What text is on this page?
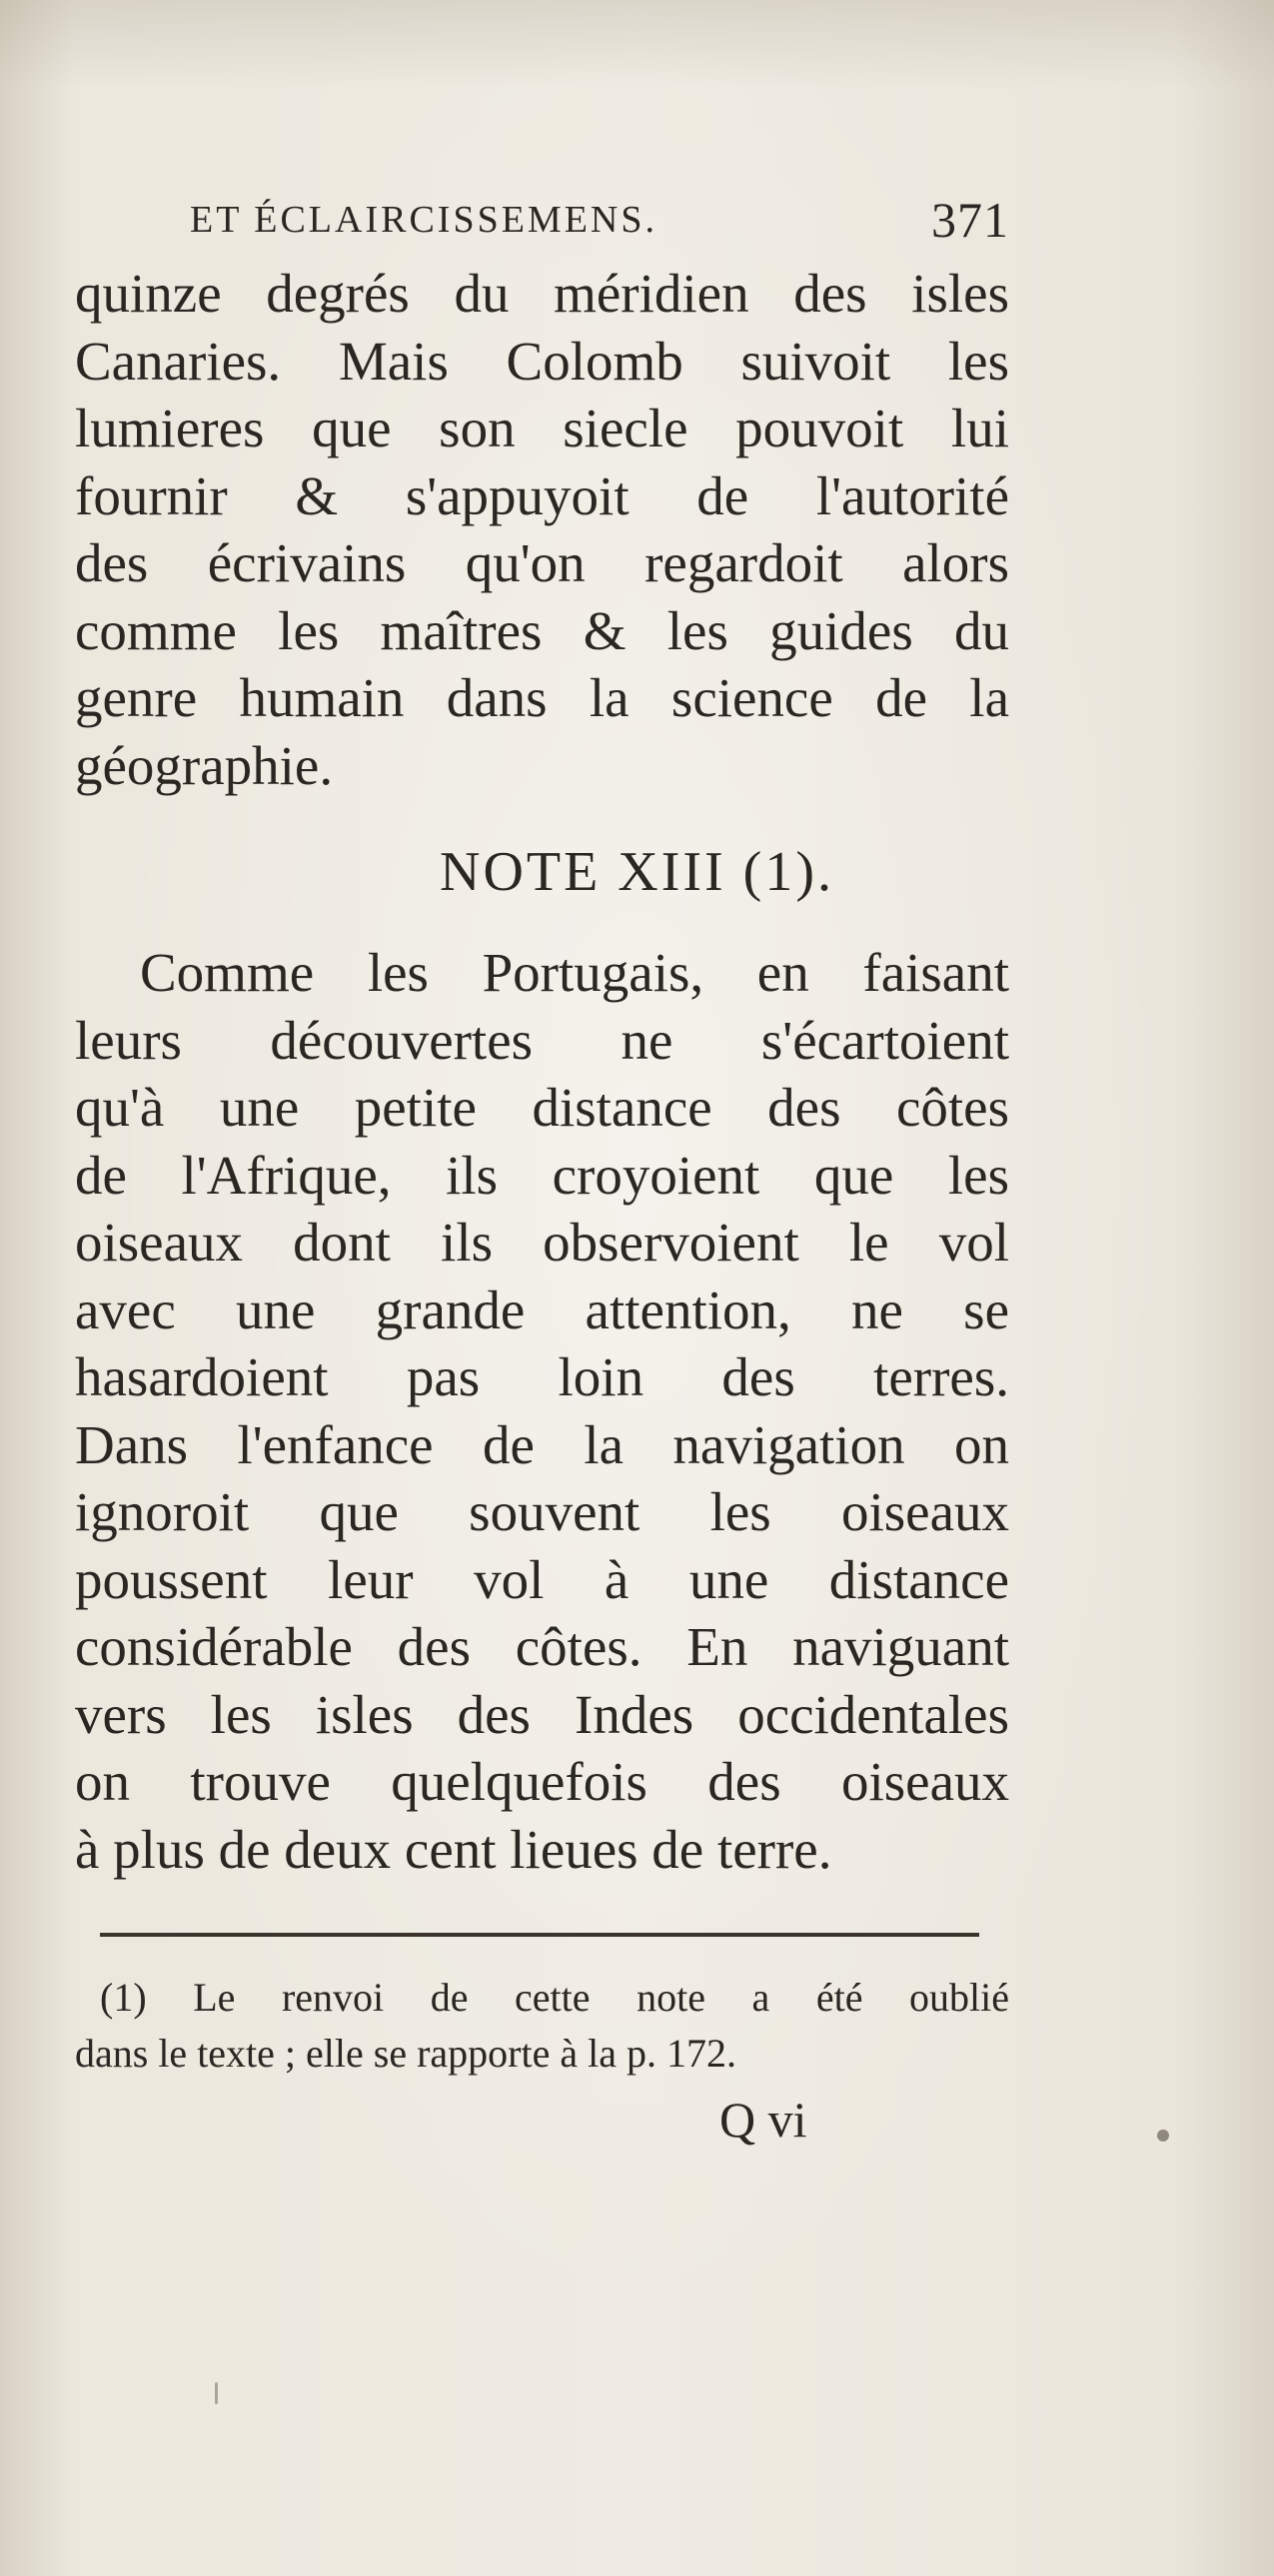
ET ÉCLAIRCISSEMENS.	371
quinze degrés du méridien des isles
Canaries. Mais Colomb suivoit les
lumieres que son siecle pouvoit lui
fournir & s'appuyoit de l'autorité
des écrivains qu'on regardoit alors
comme les maîtres & les guides du
genre humain dans la science de la
géographie.
NOTE XIII (1).
Comme les Portugais, en faisant
leurs découvertes ne s'écartoient
qu'à une petite distance des côtes
de l'Afrique, ils croyoient que les
oiseaux dont ils observoient le vol
avec une grande attention, ne se
hasardoient pas loin des terres.
Dans l'enfance de la navigation on
ignoroit que souvent les oiseaux
poussent leur vol à une distance
considérable des côtes. En naviguant
vers les isles des Indes occidentales
on trouve quelquefois des oiseaux
à plus de deux cent lieues de terre.
(1) Le renvoi de cette note a été oublié
dans le texte ; elle se rapporte à la p. 172.
Q vi
